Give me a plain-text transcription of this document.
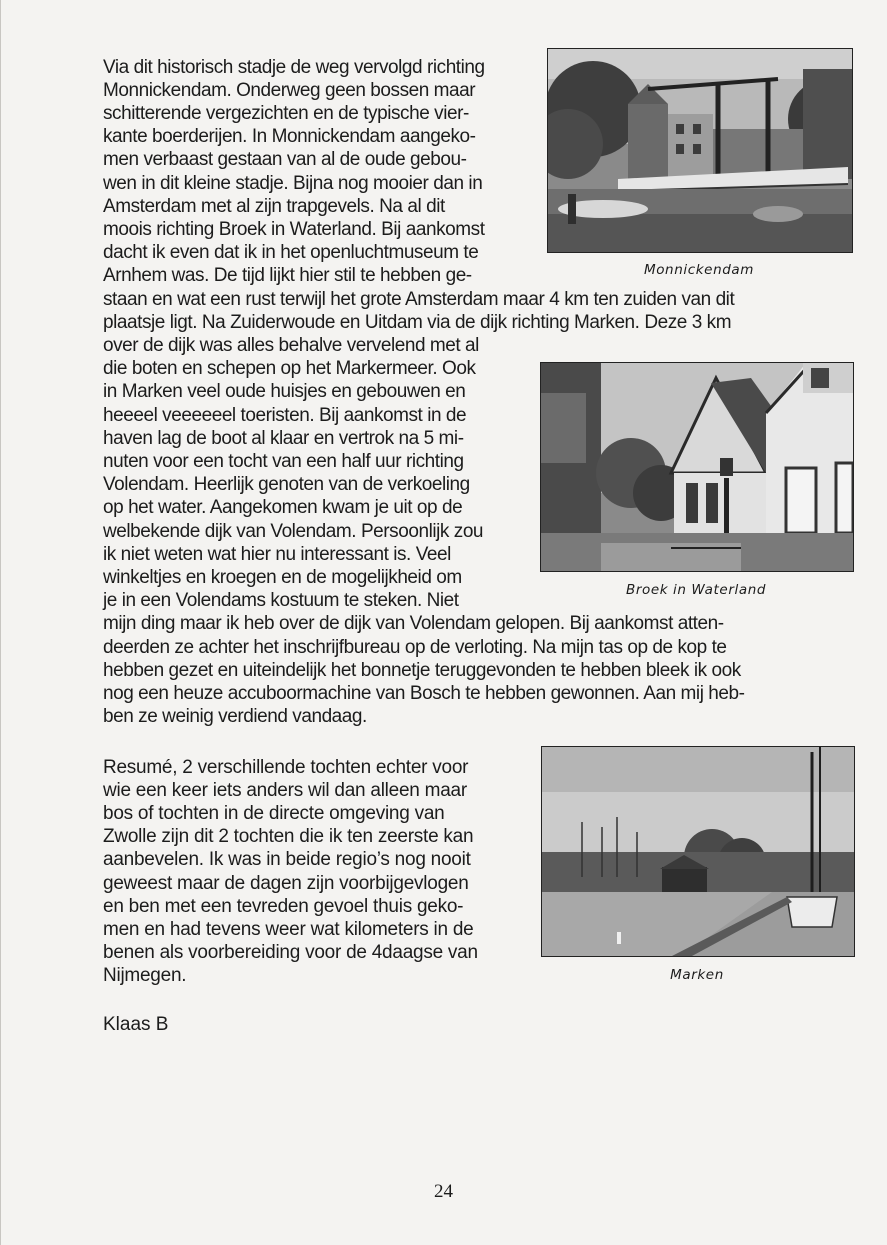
Via dit historisch stadje de weg vervolgd richting

Monnickendam. Onderweg geen bossen maar

schitterende vergezichten en de typische vier-

kante boerderijen. In Monnickendam aangeko-

men verbaast gestaan van al de oude gebou-

wen in dit kleine stadje. Bijna nog mooier dan in

Amsterdam met al zijn trapgevels. Na al dit

moois richting Broek in Waterland. Bij aankomst

dacht ik even dat ik in het openluchtmuseum te

Arnhem was. De tijd lijkt hier stil te hebben ge-

staan en wat een rust terwijl het grote Amsterdam maar 4 km ten zuiden van dit

plaatsje ligt. Na Zuiderwoude en Uitdam via de dijk richting Marken. Deze 3 km

over de dijk was alles behalve vervelend met al

die boten en schepen op het Markermeer. Ook

in Marken veel oude huisjes en gebouwen en

heeeel veeeeeel toeristen. Bij aankomst in de

haven lag de boot al klaar en vertrok na 5 mi-

nuten voor een tocht van een half uur richting

Volendam. Heerlijk genoten van de verkoeling

op het water. Aangekomen kwam je uit op de

welbekende dijk van Volendam. Persoonlijk zou

ik niet weten wat hier nu interessant is. Veel

winkeltjes en kroegen en de mogelijkheid om

je in een Volendams kostuum te steken. Niet

mijn ding maar ik heb over de dijk van Volendam gelopen. Bij aankomst atten-

deerden ze achter het inschrijfbureau op de verloting. Na mijn tas op de kop te

hebben gezet en uiteindelijk het bonnetje teruggevonden te hebben bleek ik ook

nog een heuze accuboormachine van Bosch te hebben gewonnen. Aan mij heb-

ben ze weinig verdiend vandaag.

Resumé, 2 verschillende tochten echter voor

wie een keer iets anders wil dan alleen maar

bos of tochten in de directe omgeving van

Zwolle zijn dit 2 tochten die ik ten zeerste kan

aanbevelen. Ik was in beide regio’s nog nooit

geweest maar de dagen zijn voorbijgevlogen

en ben met een tevreden gevoel thuis geko-

men en had tevens weer wat kilometers in de

benen als voorbereiding voor de 4daagse van

Nijmegen.

Monnickendam
Broek in Waterland
Marken
Klaas B
24
